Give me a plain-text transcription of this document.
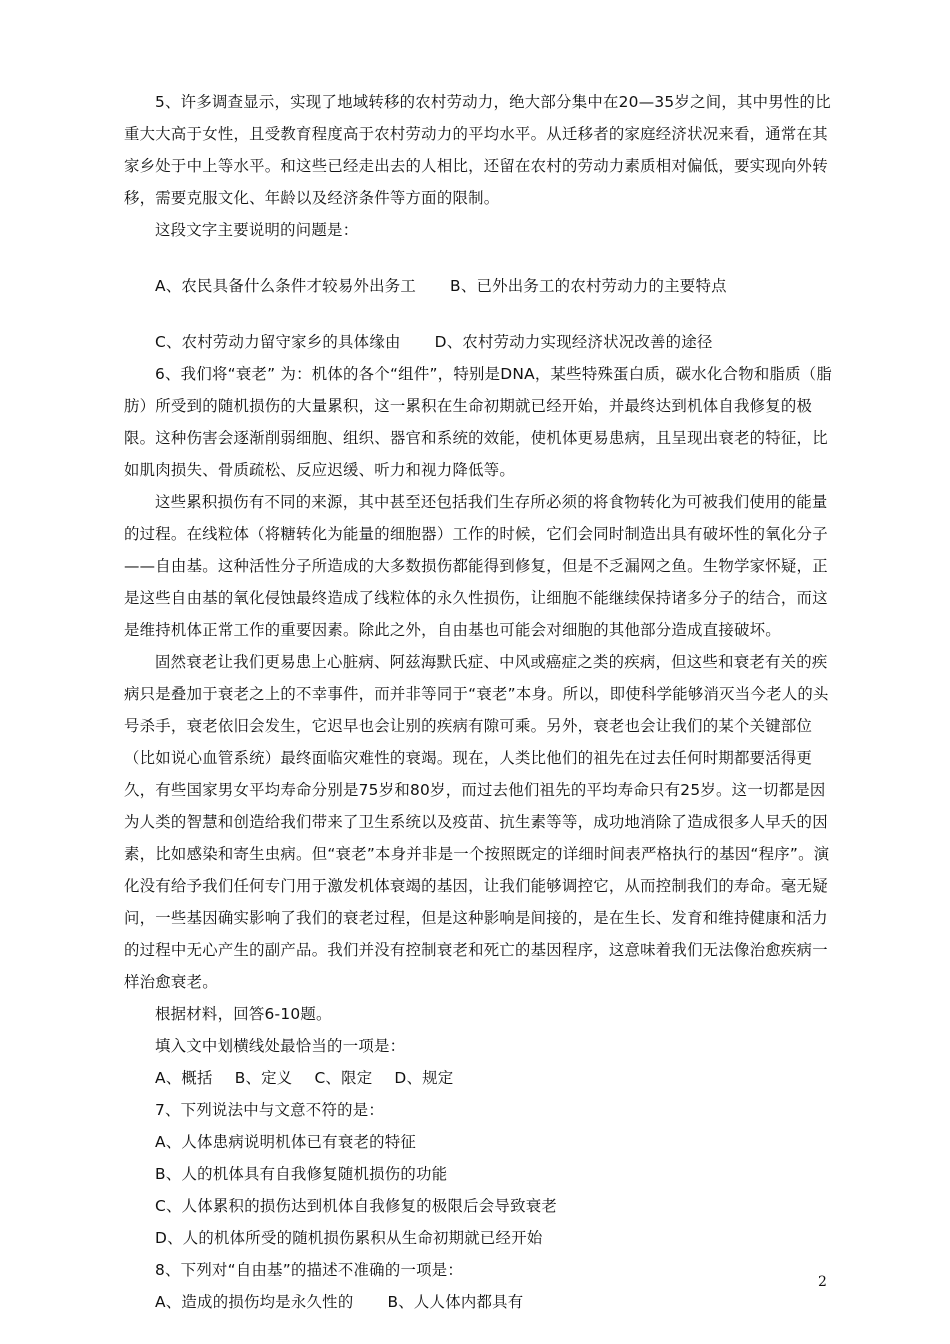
5、许多调查显示，实现了地域转移的农村劳动力，绝大部分集中在20—35岁之间，其中男性的比重大大高于女性，且受教育程度高于农村劳动力的平均水平。从迁移者的家庭经济状况来看，通常在其家乡处于中上等水平。和这些已经走出去的人相比，还留在农村的劳动力素质相对偏低，要实现向外转移，需要克服文化、年龄以及经济条件等方面的限制。

这段文字主要说明的问题是：

A、农民具备什么条件才较易外出务工 B、已外出务工的农村劳动力的主要特点
C、农村劳动力留守家乡的具体缘由 D、农村劳动力实现经济状况改善的途径

6、我们将“衰老” 为：机体的各个“组件”，特别是DNA，某些特殊蛋白质，碳水化合物和脂质（脂肪）所受到的随机损伤的大量累积，这一累积在生命初期就已经开始，并最终达到机体自我修复的极限。这种伤害会逐渐削弱细胞、组织、器官和系统的效能，使机体更易患病，且呈现出衰老的特征，比如肌肉损失、骨质疏松、反应迟缓、听力和视力降低等。

这些累积损伤有不同的来源，其中甚至还包括我们生存所必须的将食物转化为可被我们使用的能量的过程。在线粒体（将糖转化为能量的细胞器）工作的时候，它们会同时制造出具有破坏性的氧化分子——自由基。这种活性分子所造成的大多数损伤都能得到修复，但是不乏漏网之鱼。生物学家怀疑，正是这些自由基的氧化侵蚀最终造成了线粒体的永久性损伤，让细胞不能继续保持诸多分子的结合，而这是维持机体正常工作的重要因素。除此之外，自由基也可能会对细胞的其他部分造成直接破坏。

固然衰老让我们更易患上心脏病、阿兹海默氏症、中风或癌症之类的疾病，但这些和衰老有关的疾病只是叠加于衰老之上的不幸事件，而并非等同于“衰老”本身。所以，即使科学能够消灭当今老人的头号杀手，衰老依旧会发生，它迟早也会让别的疾病有隙可乘。另外，衰老也会让我们的某个关键部位（比如说心血管系统）最终面临灾难性的衰竭。现在，人类比他们的祖先在过去任何时期都要活得更久，有些国家男女平均寿命分别是75岁和80岁，而过去他们祖先的平均寿命只有25岁。这一切都是因为人类的智慧和创造给我们带来了卫生系统以及疫苗、抗生素等等，成功地消除了造成很多人早夭的因素，比如感染和寄生虫病。但“衰老”本身并非是一个按照既定的详细时间表严格执行的基因“程序”。演化没有给予我们任何专门用于激发机体衰竭的基因，让我们能够调控它，从而控制我们的寿命。毫无疑问，一些基因确实影响了我们的衰老过程，但是这种影响是间接的，是在生长、发育和维持健康和活力的过程中无心产生的副产品。我们并没有控制衰老和死亡的基因程序，这意味着我们无法像治愈疾病一样治愈衰老。

根据材料，回答6-10题。

填入文中划横线处最恰当的一项是：

A、概括 B、定义 C、限定 D、规定

7、下列说法中与文意不符的是：

A、人体患病说明机体已有衰老的特征

B、人的机体具有自我修复随机损伤的功能

C、人体累积的损伤达到机体自我修复的极限后会导致衰老

D、人的机体所受的随机损伤累积从生命初期就已经开始

8、下列对“自由基”的描述不准确的一项是：

A、造成的损伤均是永久性的 B、人人体内都具有
2
